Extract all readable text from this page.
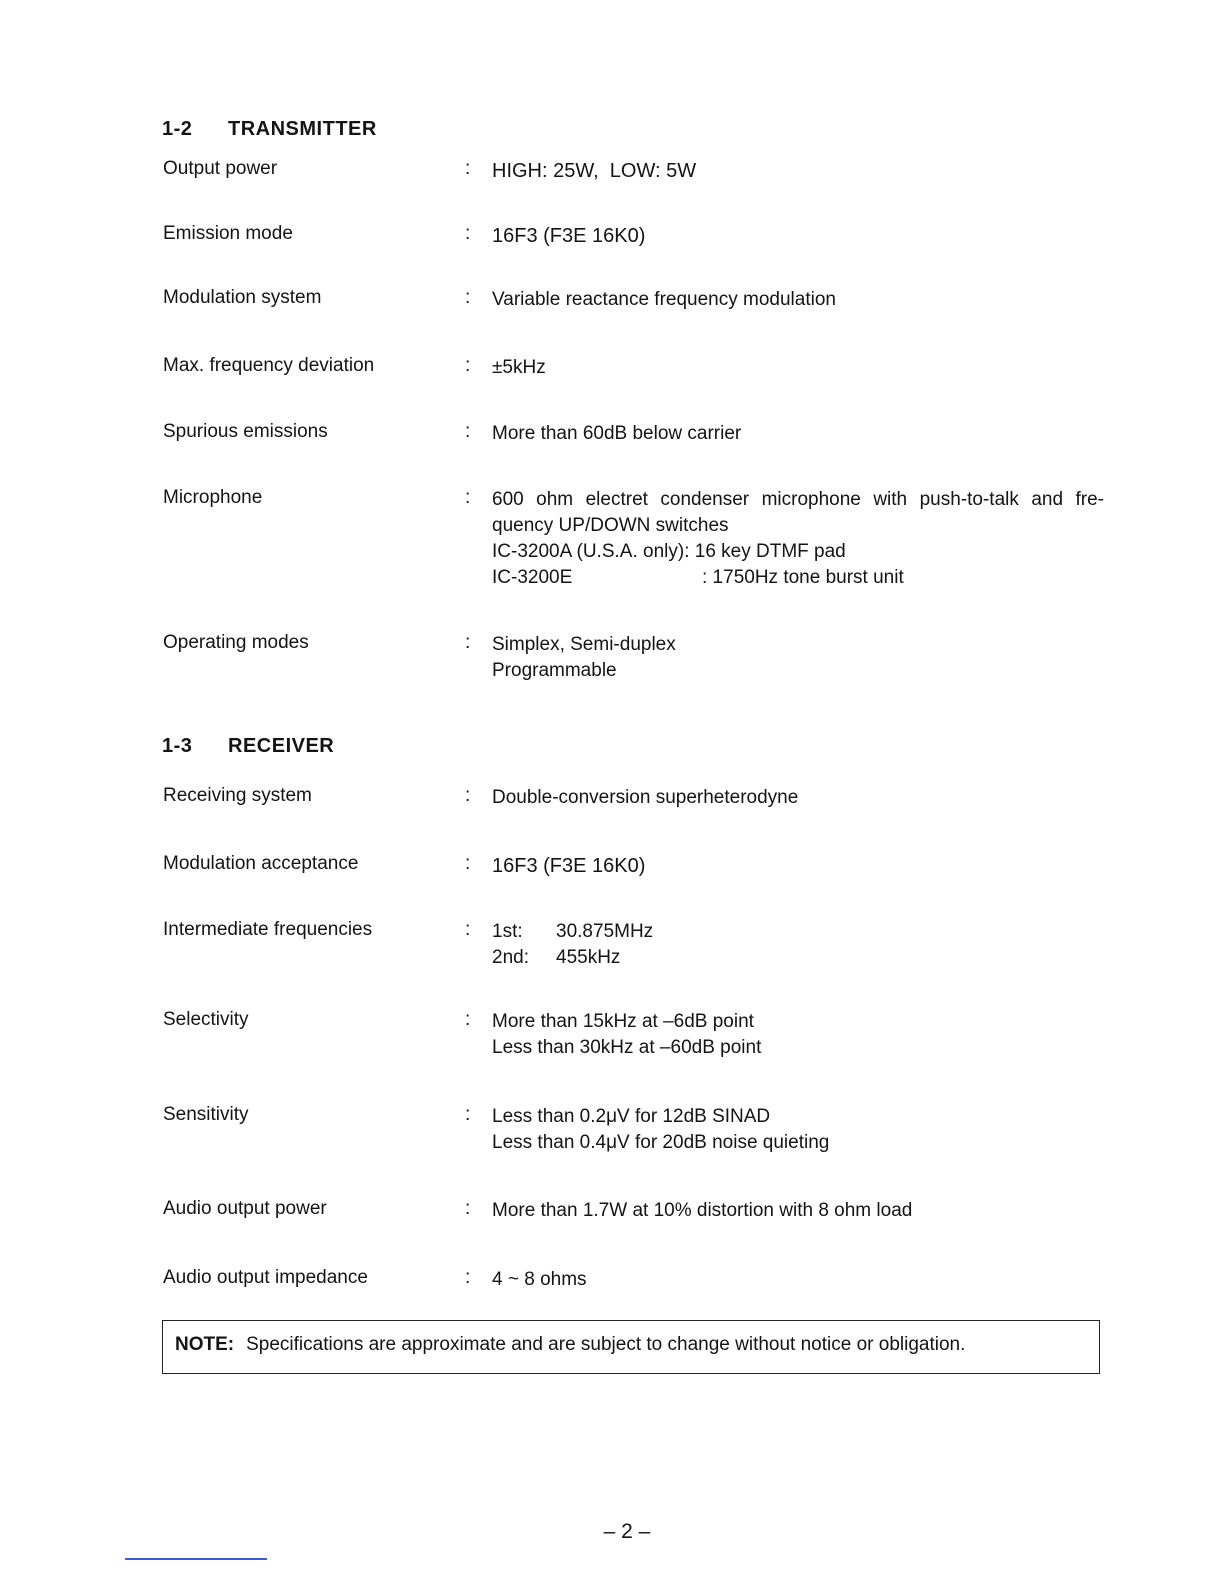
1-2 TRANSMITTER
Output power	: HIGH: 25W,  LOW: 5W
Emission mode	: 16F3 (F3E 16K0)
Modulation system	: Variable reactance frequency modulation
Max. frequency deviation	: ±5kHz
Spurious emissions	: More than 60dB below carrier
Microphone	: 600 ohm electret condenser microphone with push-to-talk and fre-quency UP/DOWN switches
IC-3200A (U.S.A. only): 16 key DTMF pad
IC-3200E	: 1750Hz tone burst unit
Operating modes	: Simplex, Semi-duplex
Programmable
1-3 RECEIVER
Receiving system	: Double-conversion superheterodyne
Modulation acceptance	: 16F3 (F3E 16K0)
Intermediate frequencies	: 1st: 30.875MHz
2nd: 455kHz
Selectivity	: More than 15kHz at –6dB point
Less than 30kHz at –60dB point
Sensitivity	: Less than 0.2μV for 12dB SINAD
Less than 0.4μV for 20dB noise quieting
Audio output power	: More than 1.7W at 10% distortion with 8 ohm load
Audio output impedance	: 4 ~ 8 ohms
NOTE: Specifications are approximate and are subject to change without notice or obligation.
– 2 –
